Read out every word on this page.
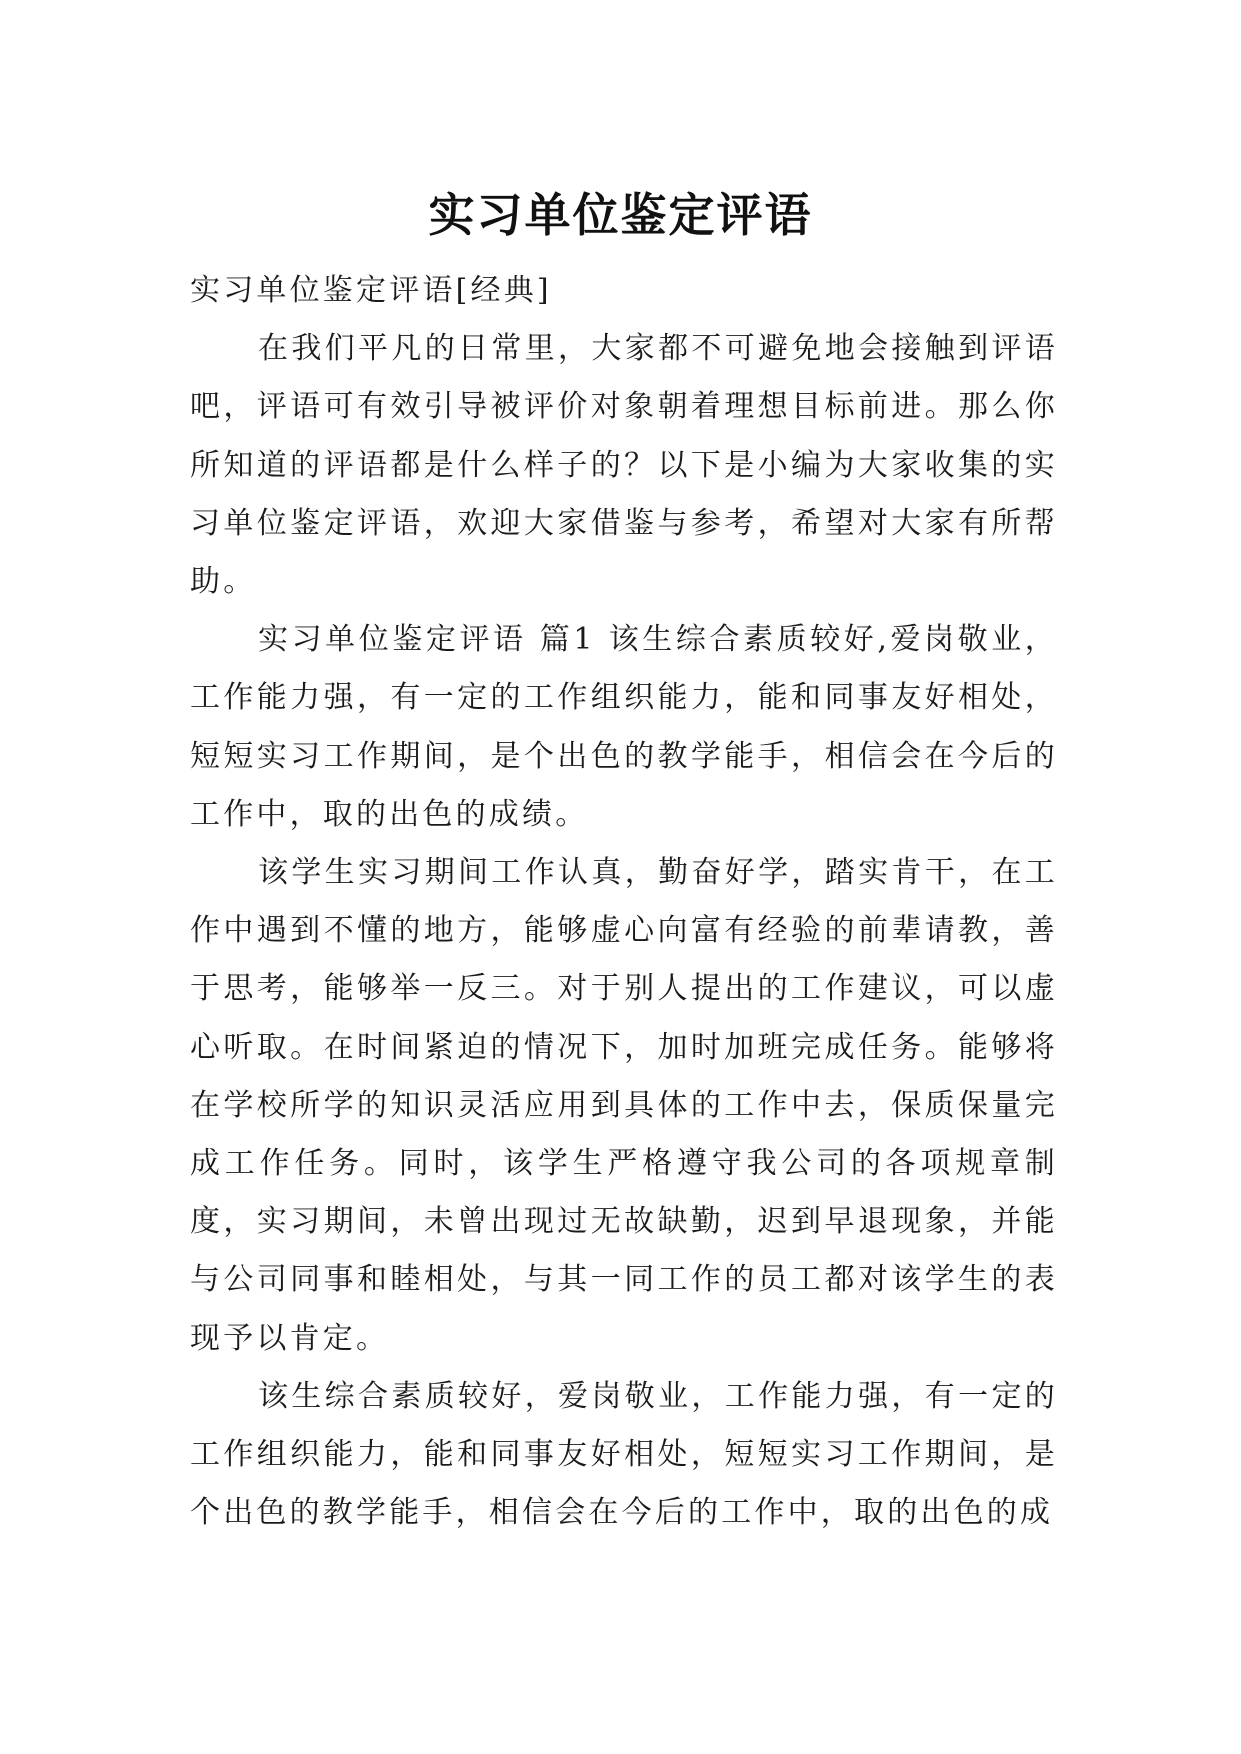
实习单位鉴定评语

实习单位鉴定评语[经典]

在我们平凡的日常里，大家都不可避免地会接触到评语吧，评语可有效引导被评价对象朝着理想目标前进。那么你所知道的评语都是什么样子的？以下是小编为大家收集的实习单位鉴定评语，欢迎大家借鉴与参考，希望对大家有所帮助。

实习单位鉴定评语 篇1 该生综合素质较好,爱岗敬业，工作能力强，有一定的工作组织能力，能和同事友好相处，短短实习工作期间，是个出色的教学能手，相信会在今后的工作中，取的出色的成绩。

该学生实习期间工作认真，勤奋好学，踏实肯干，在工作中遇到不懂的地方，能够虚心向富有经验的前辈请教，善于思考，能够举一反三。对于别人提出的工作建议，可以虚心听取。在时间紧迫的情况下，加时加班完成任务。能够将在学校所学的知识灵活应用到具体的工作中去，保质保量完成工作任务。同时，该学生严格遵守我公司的各项规章制度，实习期间，未曾出现过无故缺勤，迟到早退现象，并能与公司同事和睦相处，与其一同工作的员工都对该学生的表现予以肯定。

该生综合素质较好，爱岗敬业，工作能力强，有一定的工作组织能力，能和同事友好相处，短短实习工作期间，是个出色的教学能手，相信会在今后的工作中，取的出色的成
